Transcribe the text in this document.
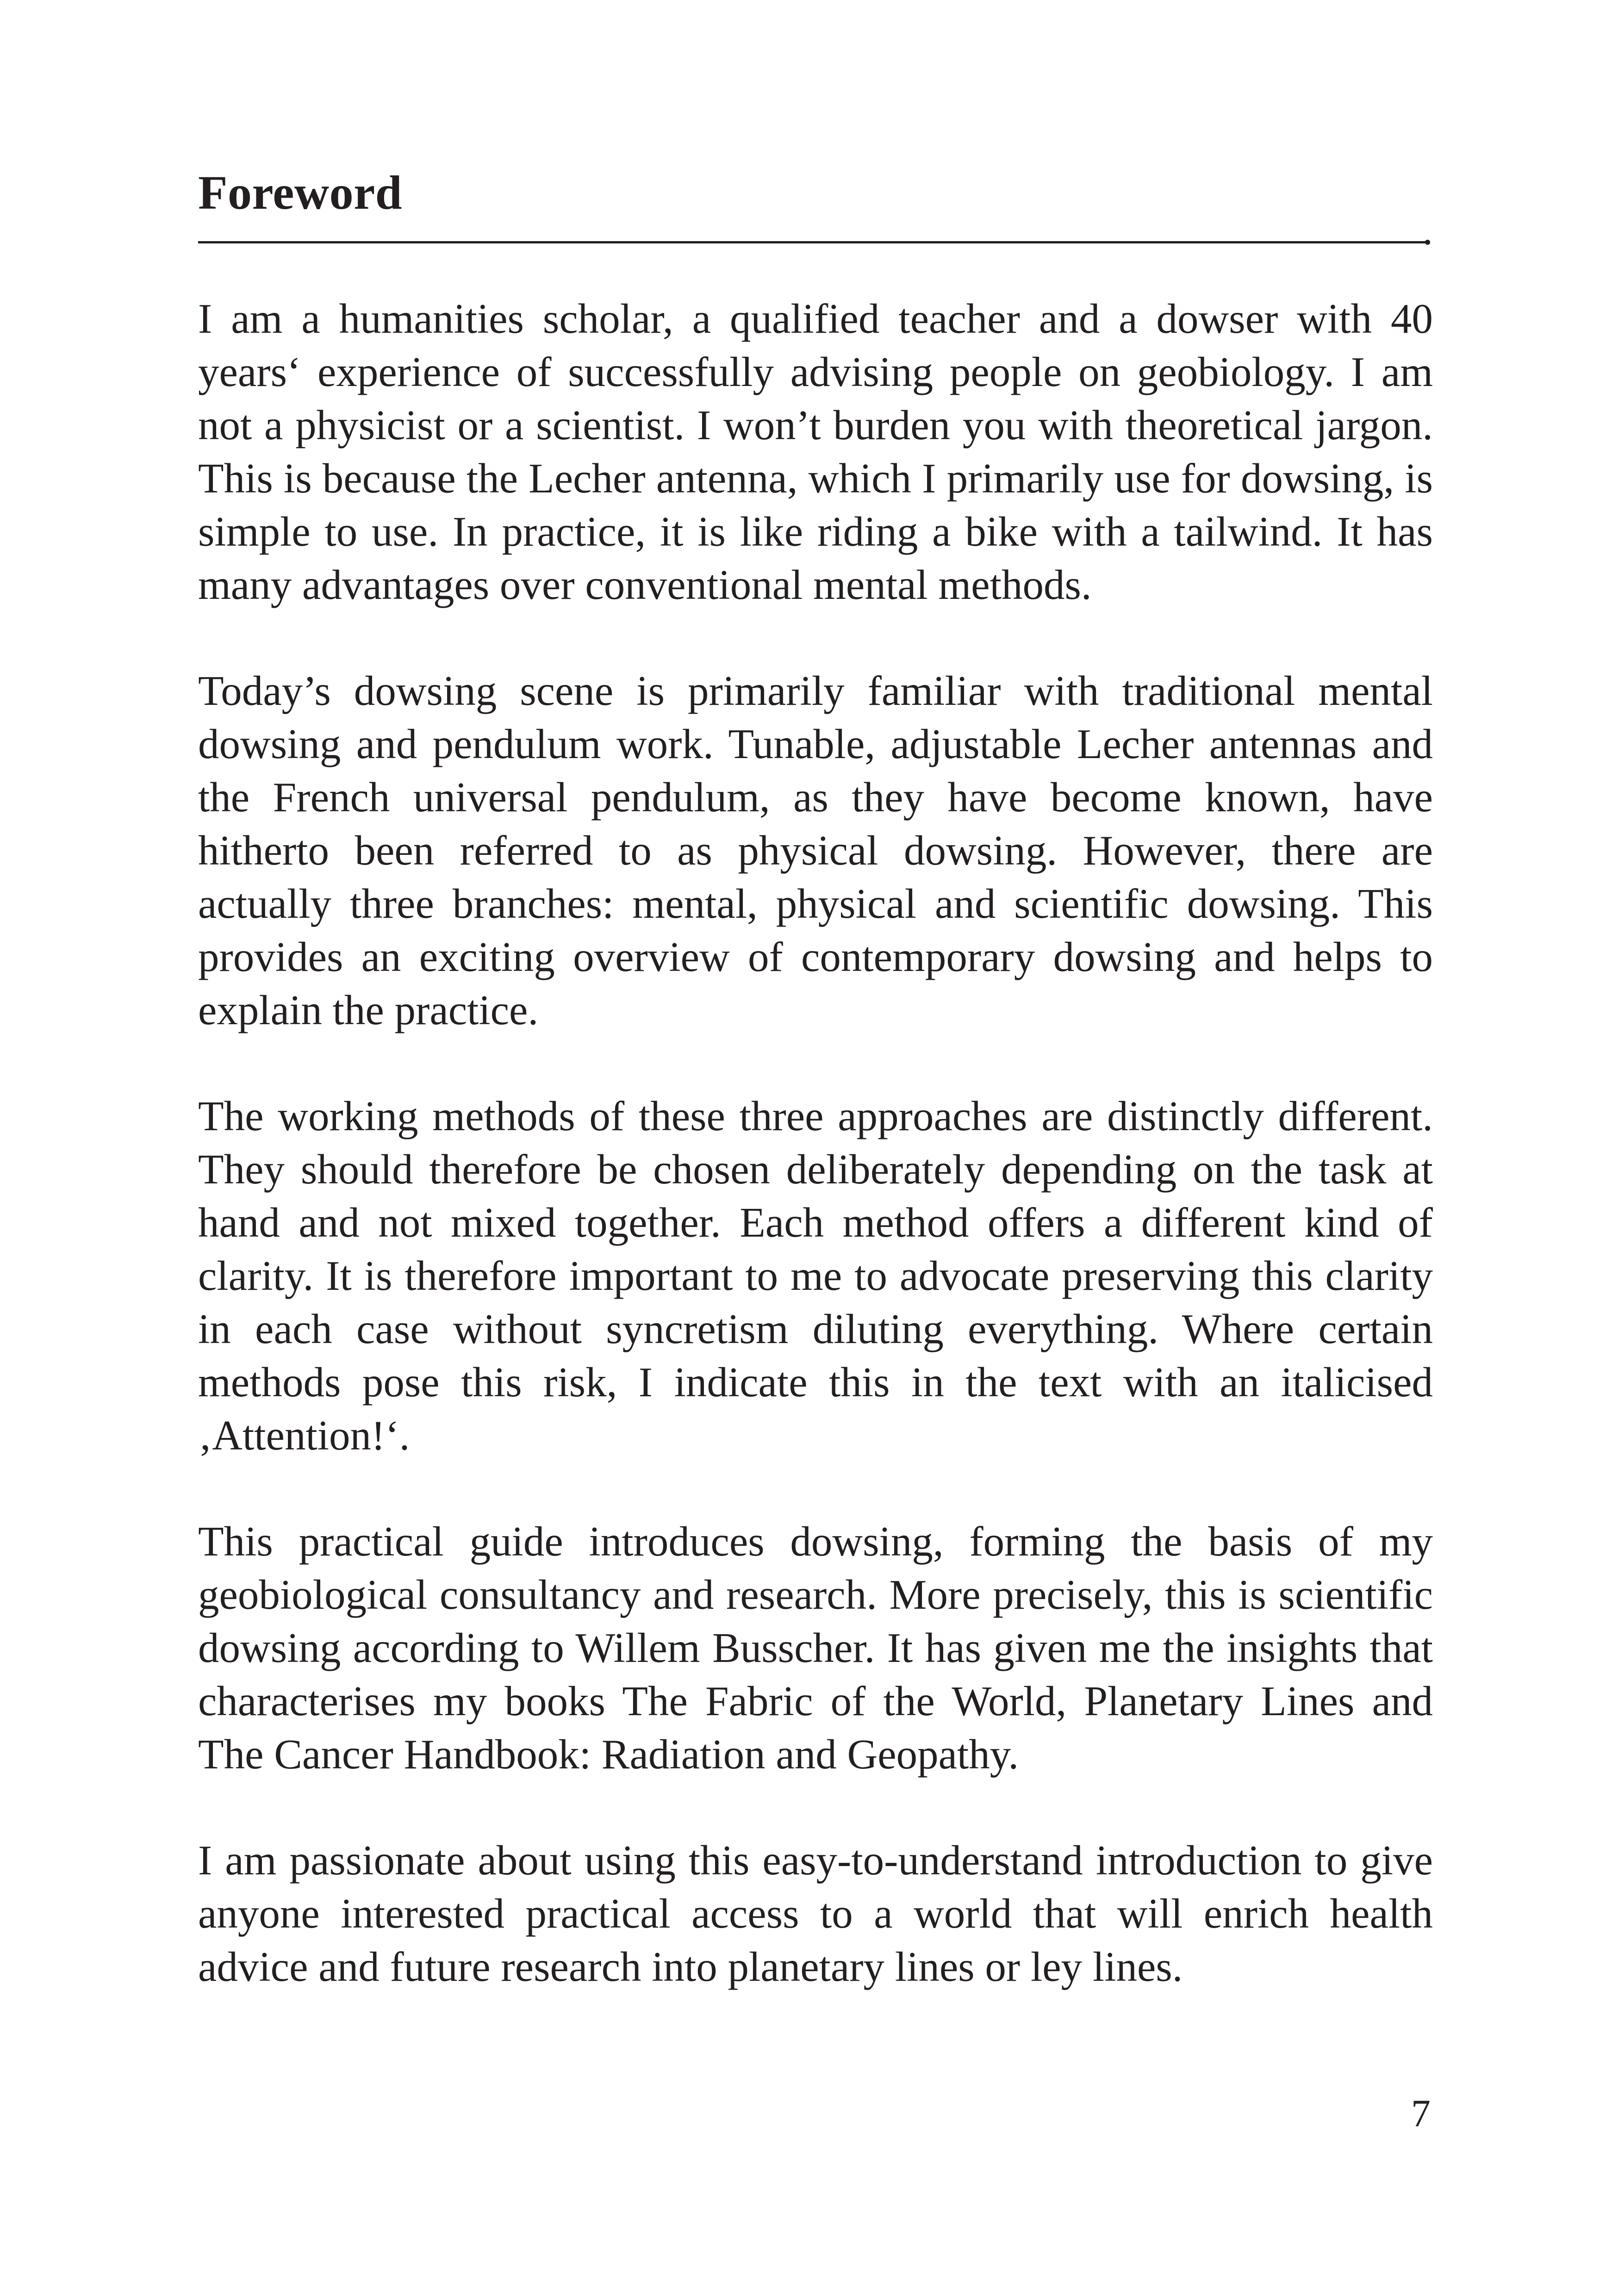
Foreword

I am a humanities scholar, a qualified teacher and a dowser with 40 years‘ experience of successfully advising people on geobiology. I am not a physicist or a scientist. I won’t burden you with theoretical jargon. This is because the Lecher antenna, which I primarily use for dowsing, is simple to use. In practice, it is like riding a bike with a tailwind. It has many advantages over conventional mental methods.

Today’s dowsing scene is primarily familiar with traditional mental dowsing and pendulum work. Tunable, adjustable Lecher antennas and the French universal pendulum, as they have become known, have hitherto been referred to as physical dowsing. However, there are actually three branches: mental, physical and scientific dowsing. This provides an exciting overview of contemporary dowsing and helps to explain the practice.

The working methods of these three approaches are distinctly different. They should therefore be chosen deliberately depending on the task at hand and not mixed together. Each method offers a different kind of clarity. It is therefore important to me to advocate preserving this clarity in each case without syncretism diluting everything. Where certain methods pose this risk, I indicate this in the text with an italicised ‚Attention!‘.

This practical guide introduces dowsing, forming the basis of my geobiological consultancy and research. More precisely, this is scientific dowsing according to Willem Busscher. It has given me the insights that characterises my books The Fabric of the World, Planetary Lines and The Cancer Handbook: Radiation and Geopathy.

I am passionate about using this easy-to-understand introduction to give anyone interested practical access to a world that will enrich health advice and future research into planetary lines or ley lines.

7
